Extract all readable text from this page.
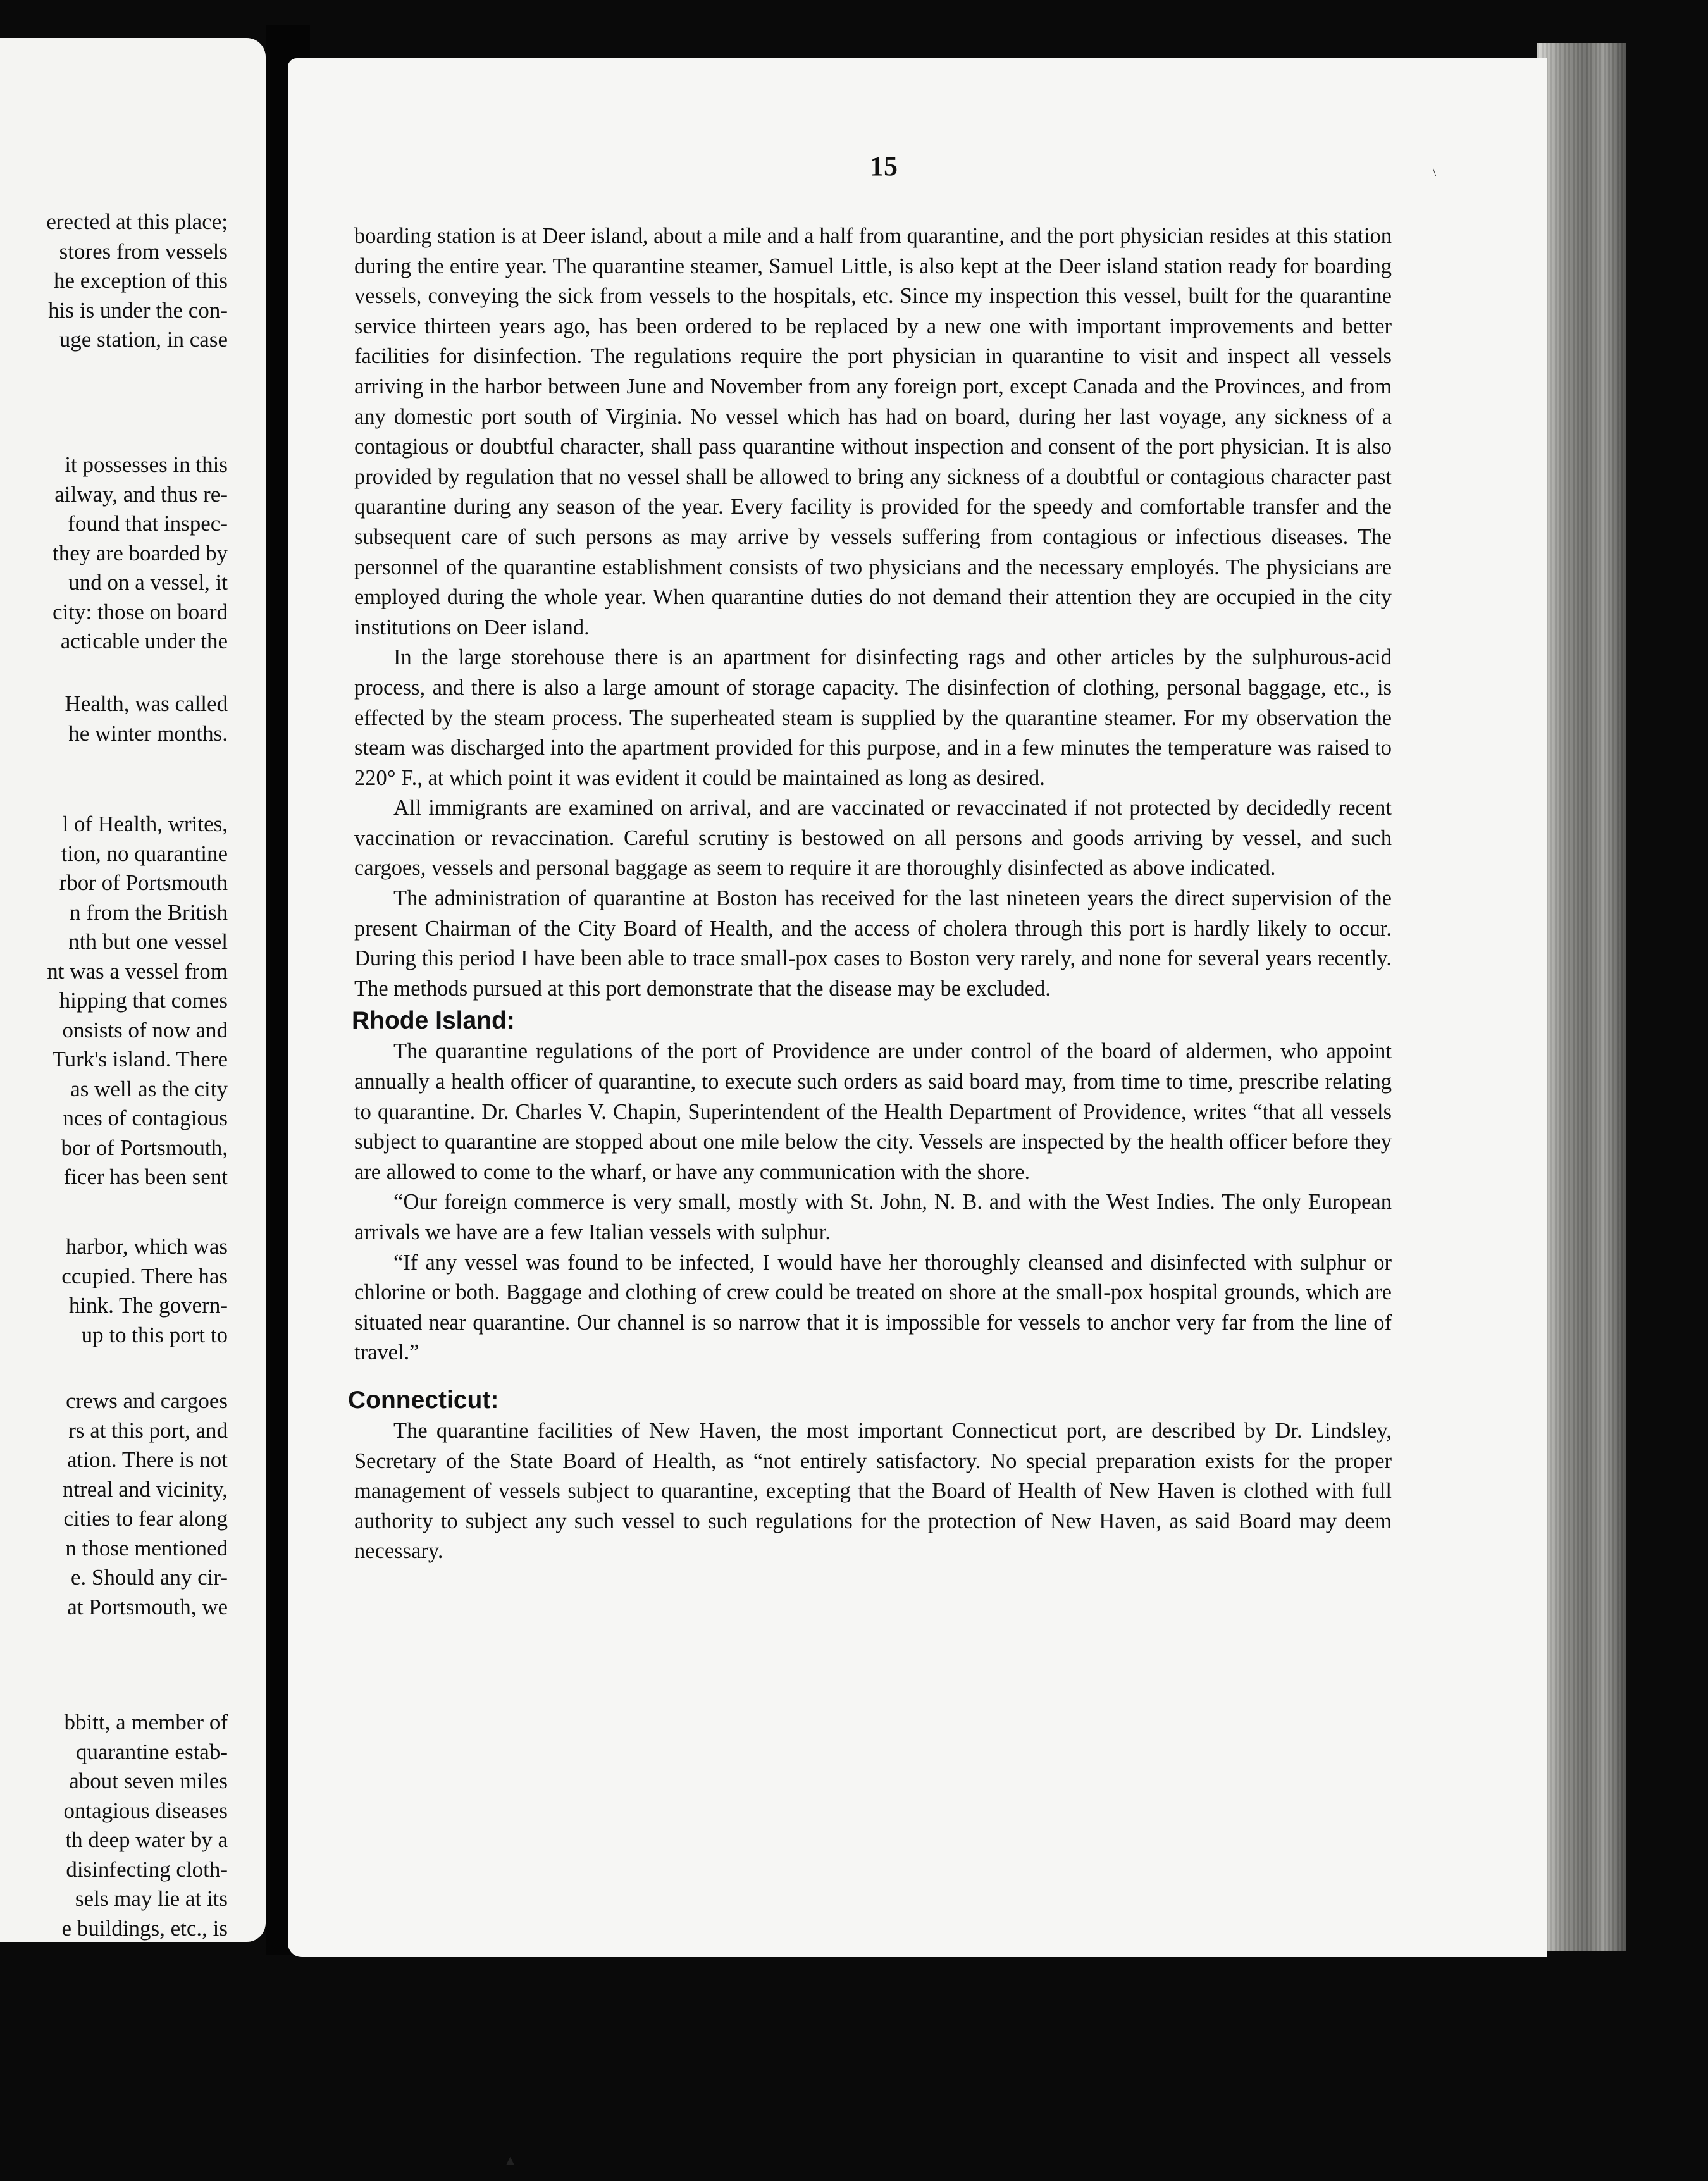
erected at this place;
stores from vessels
he exception of this
his is under the con-
uge station, in case
it possesses in this
ailway, and thus re-
found that inspec-
they are boarded by
und on a vessel, it
city: those on board
acticable under the
Health, was called
he winter months.
l of Health, writes,
tion, no quarantine
rbor of Portsmouth
n from the British
nth but one vessel
nt was a vessel from
hipping that comes
onsists of now and
Turk's island. There
as well as the city
nces of contagious
bor of Portsmouth,
ficer has been sent
harbor, which was
ccupied. There has
hink. The govern-
up to this port to
crews and cargoes
rs at this port, and
ation. There is not
ntreal and vicinity,
cities to fear along
n those mentioned
e. Should any cir-
at Portsmouth, we
bbitt, a member of
quarantine estab-
about seven miles
ontagious diseases
th deep water by a
disinfecting cloth-
sels may lie at its
e buildings, etc., is
15

boarding station is at Deer island, about a mile and a half from quarantine, and the port physician resides at this station during the entire year. The quarantine steamer, Samuel Little, is also kept at the Deer island station ready for boarding vessels, conveying the sick from vessels to the hospitals, etc. Since my inspection this vessel, built for the quarantine service thirteen years ago, has been ordered to be replaced by a new one with important improvements and better facilities for disinfection. The regulations require the port physician in quarantine to visit and inspect all vessels arriving in the harbor between June and November from any foreign port, except Canada and the Provinces, and from any domestic port south of Virginia. No vessel which has had on board, during her last voyage, any sickness of a contagious or doubtful character, shall pass quarantine without inspection and consent of the port physician. It is also provided by regulation that no vessel shall be allowed to bring any sickness of a doubtful or contagious character past quarantine during any season of the year. Every facility is provided for the speedy and comfortable transfer and the subsequent care of such persons as may arrive by vessels suffering from contagious or infectious diseases. The personnel of the quarantine establishment consists of two physicians and the necessary employés. The physicians are employed during the whole year. When quarantine duties do not demand their attention they are occupied in the city institutions on Deer island.

In the large storehouse there is an apartment for disinfecting rags and other articles by the sulphurous-acid process, and there is also a large amount of storage capacity. The disinfection of clothing, personal baggage, etc., is effected by the steam process. The superheated steam is supplied by the quarantine steamer. For my observation the steam was discharged into the apartment provided for this purpose, and in a few minutes the temperature was raised to 220° F., at which point it was evident it could be maintained as long as desired.

All immigrants are examined on arrival, and are vaccinated or revaccinated if not protected by decidedly recent vaccination or revaccination. Careful scrutiny is bestowed on all persons and goods arriving by vessel, and such cargoes, vessels and personal baggage as seem to require it are thoroughly disinfected as above indicated.

The administration of quarantine at Boston has received for the last nineteen years the direct supervision of the present Chairman of the City Board of Health, and the access of cholera through this port is hardly likely to occur. During this period I have been able to trace small-pox cases to Boston very rarely, and none for several years recently. The methods pursued at this port demonstrate that the disease may be excluded.

Rhode Island:

The quarantine regulations of the port of Providence are under control of the board of aldermen, who appoint annually a health officer of quarantine, to execute such orders as said board may, from time to time, prescribe relating to quarantine. Dr. Charles V. Chapin, Superintendent of the Health Department of Providence, writes “that all vessels subject to quarantine are stopped about one mile below the city. Vessels are inspected by the health officer before they are allowed to come to the wharf, or have any communication with the shore.

“Our foreign commerce is very small, mostly with St. John, N. B. and with the West Indies. The only European arrivals we have are a few Italian vessels with sulphur.

“If any vessel was found to be infected, I would have her thoroughly cleansed and disinfected with sulphur or chlorine or both. Baggage and clothing of crew could be treated on shore at the small-pox hospital grounds, which are situated near quarantine. Our channel is so narrow that it is impossible for vessels to anchor very far from the line of travel.”

Connecticut:

The quarantine facilities of New Haven, the most important Connecticut port, are described by Dr. Lindsley, Secretary of the State Board of Health, as “not entirely satisfactory. No special preparation exists for the proper management of vessels subject to quarantine, excepting that the Board of Health of New Haven is clothed with full authority to subject any such vessel to such regulations for the protection of New Haven, as said Board may deem necessary.

▴
\
